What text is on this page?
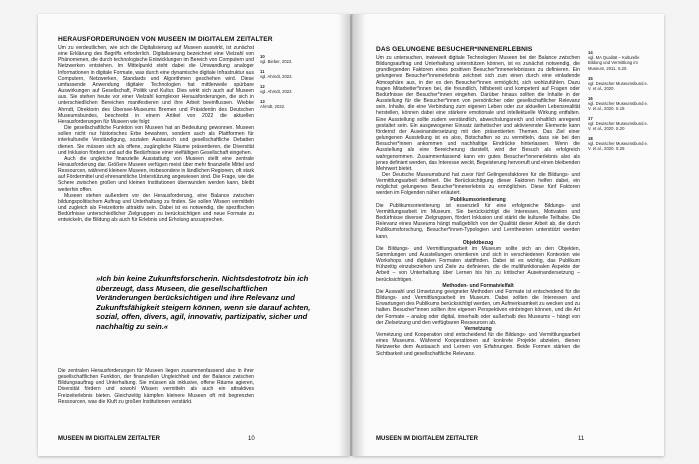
HERAUSFORDERUNGEN VON MUSEEN IM DIGITALEM ZEITALTER

Um zu verdeutlichen, wie sich die Digitalisierung auf Museen auswirkt, ist zunächst eine Erklärung des Begriffs erforderlich. Digitalisierung bezeichnet eine Vielzahl von Phänomenen, die durch technologische Entwicklungen im Bereich von Computern und Netzwerken entstehen. Im Mittelpunkt steht dabei die Umwandlung analoger Informationen in digitale Formate, was durch eine dynamische digitale Infrastruktur aus Computern, Netzwerken, Standards und Algorithmen geschehen wird. Diese umfassende Anwendung digitaler Technologien hat mittlerweile spürbare Auswirkungen auf Gesellschaft, Politik und Kultur. Dies wirkt sich auch auf Museen aus. Sie stehen heute vor einer Vielzahl komplexer Herausforderungen, die sich in unterschiedlichen Bereichen manifestieren und ihre Arbeit beeinflussen. Wiebke Ahrndt, Direktorin des Übersee-Museums Bremen und Präsidentin des Deutschen Museumsbundes, beschreibt in einem Artikel von 2022 die aktuellen Herausforderungen für Museen wie folgt:

Die gesellschaftliche Funktion von Museen hat an Bedeutung gewonnen. Museen sollen nicht nur historisches Erbe bewahren, sondern auch als Plattformen für interkulturelle Verständigung, sozialen Austausch und gesellschaftliche Debatten dienen. Sie müssen sich als offene, zugängliche Räume präsentieren, die Diversität und Inklusion fördern und auf die Bedürfnisse einer vielfältigen Gesellschaft eingehen.

Auch die ungleiche finanzielle Ausstattung von Museen stellt eine zentrale Herausforderung dar. Größere Museen verfügen meist über mehr finanzielle Mittel und Ressourcen, während kleinere Museen, insbesondere in ländlichen Regionen, oft stark auf Fördermittel und ehrenamtliche Unterstützung angewiesen sind. Die Frage, wie die Schere zwischen großen und kleinen Institutionen überwunden werden kann, bleibt weiterhin offen.

Museen stehen außerdem vor der Herausforderung, eine Balance zwischen bildungspolitischem Auftrag und Unterhaltung zu finden. Sie sollen Wissen vermitteln und zugleich als Freizeitorte attraktiv sein. Dabei ist es notwendig, die spezifischen Bedürfnisse unterschiedlicher Zielgruppen zu berücksichtigen und neue Formate zu entwickeln, die Bildung als auch für Erlebnis und Erholung anzusprechen.

10
vgl. Bieber, 2022.
11
vgl. Ahrndt, 2022.
12
vgl. Ahrndt, 2022.
13
Ahrndt, 2022.
»Ich bin keine Zukunftsforscherin. Nichtsdestotrotz bin ich überzeugt, dass Museen, die gesellschaftlichen Veränderungen berücksichtigen und ihre Relevanz und Zukunftsfähigkeit steigern können, wenn sie darauf achten, sozial, offen, divers, agil, innovativ, partizipativ, sicher und nachhaltig zu sein.«

Die zentralen Herausforderungen für Museen liegen zusammenfassend also in ihrer gesellschaftlichen Funktion, der finanziellen Ungleichheit und der Balance zwischen Bildungsauftrag und Unterhaltung. Sie müssen als inklusive, offene Räume agieren, Diversität fördern und sowohl Wissen vermitteln als auch ein attraktives Freizeiterlebnis bieten. Gleichzeitig kämpfen kleinere Museen oft mit begrenzten Ressourcen, was die Kluft zu großen Institutionen verstärkt.

MUSEEN IM DIGITALEM ZEITALTER	10
DAS GELUNGENE BESUCHER*INNENERLEBNIS

Um zu untersuchen, inwieweit digitale Technologien Museen bei der Balance zwischen Bildungsauftrag und Unterhaltung unterstützen können, ist es zunächst notwendig, die grundlegenden Faktoren eines positiven Besucher*innenerlebnisses zu definieren. Ein gelungenes Besucher*innenerlebnis zeichnet sich zum einen durch eine einladende Atmosphäre aus, in der es den Besucher*innen ermöglicht, sich wohlzufühlen. Dazu tragen Mitarbeiter*innen bei, die freundlich, hilfsbereit und kompetent auf Fragen oder Bedürfnisse der Besucher*innen eingehen. Darüber hinaus sollten die Inhalte in der Ausstellung für die Besucher*innen von persönlicher oder gesellschaftlicher Relevanz sein. Inhalte, die eine Verbindung zum eigenen Leben oder zur aktuellen Lebensrealität herstellen, können dabei eine stärkere emotionale und intellektuelle Wirkung entfalten. Eine Ausstellung sollte zudem verständlich, abwechslungsreich und inhaltlich anregend gestaltet sein. Ein ausgewogener Einsatz ästhetischer und aktivierender Elemente kann fördernd der Auseinandersetzung mit den präsentierten Themen. Das Ziel einer gelungenen Ausstellung ist es also, Botschaften so zu vermitteln, dass sie bei den Besucher*innen ankommen und nachhaltige Eindrücke hinterlassen. Wenn die Ausstellung als eine Bereicherung darstellt, wird der Besuch als erfolgreich wahrgenommen. Zusammenfassend kann ein gutes Besucher*innenerlebnis also als jenes definiert werden, das Interesse weckt, Begeisterung hervorruft und einen bleibenden Mehrwert bietet.

Der Deutsche Museumsbund hat zuvor fünf Gelingensfaktoren für die Bildungs- und Vermittlungsarbeit definiert. Die Berücksichtigung dieser Faktoren helfen dabei, ein möglichst gelungenes Besucher*innenerlebnis zu ermöglichen. Diese fünf Faktoren werden im Folgenden näher erläutert.

Publikumsorientierung

Die Publikumsorientierung ist essenziell für eine erfolgreiche Bildungs- und Vermittlungsarbeit im Museum. Sie berücksichtigt die Interessen, Motivation und Bedürfnisse diverser Zielgruppen, fördert Inklusion und stärkt die kulturelle Teilhabe. Die Relevanz eines Museums hängt maßgeblich von der Qualität dieser Arbeit ab, die durch Publikumsforschung, Besucher*innen-Typologien und Lerntheorien unterstützt werden kann.

Objektbezug

Die Bildungs- und Vermittlungsarbeit im Museum sollte sich an den Objekten, Sammlungen und Ausstellungen orientieren und sich in verschiedenen Kontexten wie Workshops und digitalen Formaten stattfinden. Dabei ist es wichtig, das Publikum frühzeitig einzubeziehen und Ziele zu definieren, die die multifunktionalen Aspekte der Arbeit – von Unterhaltung über Lernen bis hin zu kritischer Auseinandersetzung – berücksichtigen.

Methoden- und Formatvielfalt

Die Auswahl und Umsetzung geeigneter Methoden und Formate ist entscheidend für die Bildungs- und Vermittlungsarbeit im Museum. Dabei sollten die Interessen und Erwartungen des Publikums berücksichtigt werden, um Aufmerksamkeit zu wecken und zu halten. Besucher*innen sollten ihre eigenen Perspektiven einbringen können, und die Art der Formate – analog oder digital, innerhalb oder außerhalb des Museums – hängt von der Zielsetzung und den verfügbaren Ressourcen ab.

Vernetzung

Vernetzung und Kooperation sind entscheidend für die Bildungs- und Vermittlungsarbeit eines Museums. Während Kooperationen auf konkrete Projekte abzielen, dienen Netzwerke dem Austausch und Lernen von Erfahrungen. Beide Formen stärken die Sichtbarkeit und gesellschaftliche Relevanz.

14
vgl. MA Qualität – Kulturelle Bildung und Vermittlung im Museum, 2011, S.20.
15
vgl. Deutscher Museumsbund e. V. et al., 2020.
16
vgl. Deutscher Museumsbund e. V. et al., 2020. S.18
17
vgl. Deutscher Museumsbund e. V. et al., 2020. S.20
18
vgl. Deutscher Museumsbund e. V. et al., 2020. S.28
MUSEEN IM DIGITALEM ZEITALTER	11
